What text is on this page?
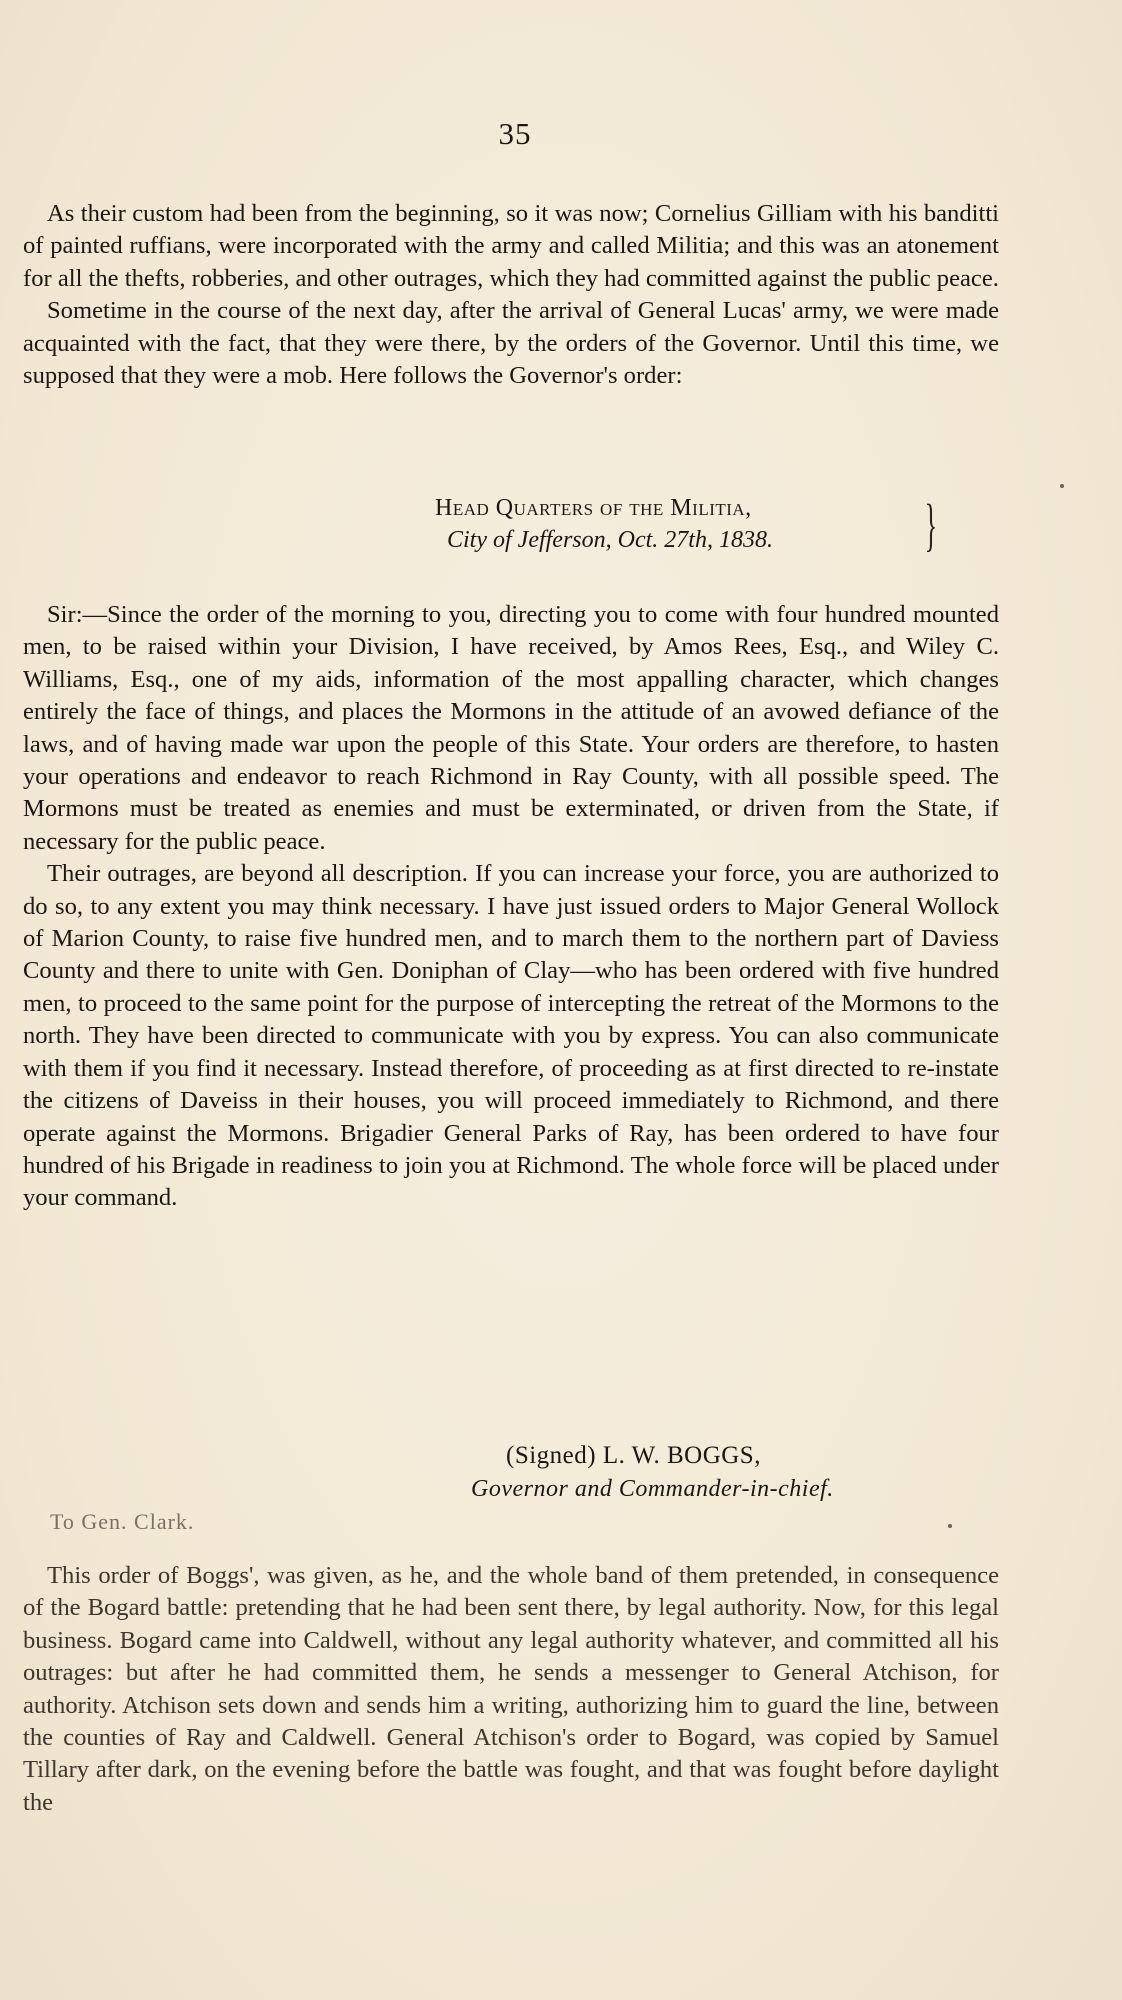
35

As their custom had been from the beginning, so it was now; Cornelius Gilliam with his banditti of painted ruffians, were incorporated with the army and called Militia; and this was an atonement for all the thefts, robberies, and other outrages, which they had committed against the public peace.

Sometime in the course of the next day, after the arrival of General Lucas' army, we were made acquainted with the fact, that they were there, by the orders of the Governor. Until this time, we supposed that they were a mob. Here follows the Governor's order:

Head Quarters of the Militia,
City of Jefferson, Oct. 27th, 1838.	}

Sir:—Since the order of the morning to you, directing you to come with four hundred mounted men, to be raised within your Division, I have received, by Amos Rees, Esq., and Wiley C. Williams, Esq., one of my aids, information of the most appalling character, which changes entirely the face of things, and places the Mormons in the attitude of an avowed defiance of the laws, and of having made war upon the people of this State. Your orders are therefore, to hasten your operations and endeavor to reach Richmond in Ray County, with all possible speed. The Mormons must be treated as enemies and must be exterminated, or driven from the State, if necessary for the public peace.

Their outrages, are beyond all description. If you can increase your force, you are authorized to do so, to any extent you may think necessary. I have just issued orders to Major General Wollock of Marion County, to raise five hundred men, and to march them to the northern part of Daviess County and there to unite with Gen. Doniphan of Clay—who has been ordered with five hundred men, to proceed to the same point for the purpose of intercepting the retreat of the Mormons to the north. They have been directed to communicate with you by express. You can also communicate with them if you find it necessary. Instead therefore, of proceeding as at first directed to re-instate the citizens of Daveiss in their houses, you will proceed immediately to Richmond, and there operate against the Mormons. Brigadier General Parks of Ray, has been ordered to have four hundred of his Brigade in readiness to join you at Richmond. The whole force will be placed under your command.

(Signed) L. W. BOGGS,
Governor and Commander-in-chief.
To Gen. Clark.

This order of Boggs', was given, as he, and the whole band of them pretended, in consequence of the Bogard battle: pretending that he had been sent there, by legal authority. Now, for this legal business. Bogard came into Caldwell, without any legal authority whatever, and committed all his outrages: but after he had committed them, he sends a messenger to General Atchison, for authority. Atchison sets down and sends him a writing, authorizing him to guard the line, between the counties of Ray and Caldwell. General Atchison's order to Bogard, was copied by Samuel Tillary after dark, on the evening before the battle was fought, and that was fought before daylight the
